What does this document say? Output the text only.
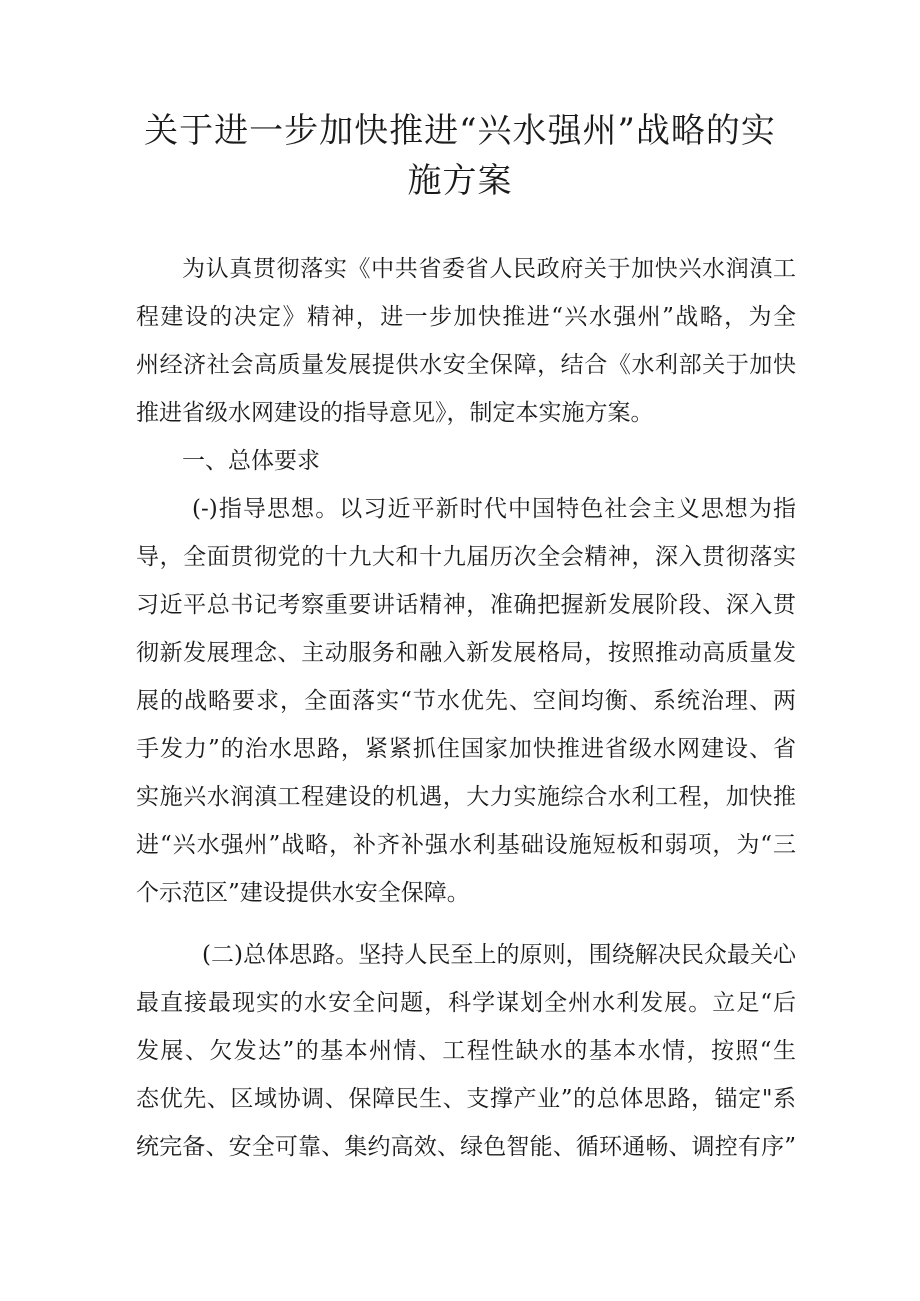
关于进一步加快推进“兴水强州”战略的实
施方案
为认真贯彻落实《中共省委省人民政府关于加快兴水润滇工
程建设的决定》精神，进一步加快推进“兴水强州”战略，为全
州经济社会高质量发展提供水安全保障，结合《水利部关于加快
推进省级水网建设的指导意见》，制定本实施方案。
一、总体要求
(-)指导思想。以习近平新时代中国特色社会主义思想为指
导，全面贯彻党的十九大和十九届历次全会精神，深入贯彻落实
习近平总书记考察重要讲话精神，准确把握新发展阶段、深入贯
彻新发展理念、主动服务和融入新发展格局，按照推动高质量发
展的战略要求，全面落实“节水优先、空间均衡、系统治理、两
手发力”的治水思路，紧紧抓住国家加快推进省级水网建设、省
实施兴水润滇工程建设的机遇，大力实施综合水利工程，加快推
进“兴水强州”战略，补齐补强水利基础设施短板和弱项，为“三
个示范区”建设提供水安全保障。
(二)总体思路。坚持人民至上的原则，围绕解决民众最关心
最直接最现实的水安全问题，科学谋划全州水利发展。立足“后
发展、欠发达”的基本州情、工程性缺水的基本水情，按照“生
态优先、区域协调、保障民生、支撑产业”的总体思路，锚定"系
统完备、安全可靠、集约高效、绿色智能、循环通畅、调控有序”
